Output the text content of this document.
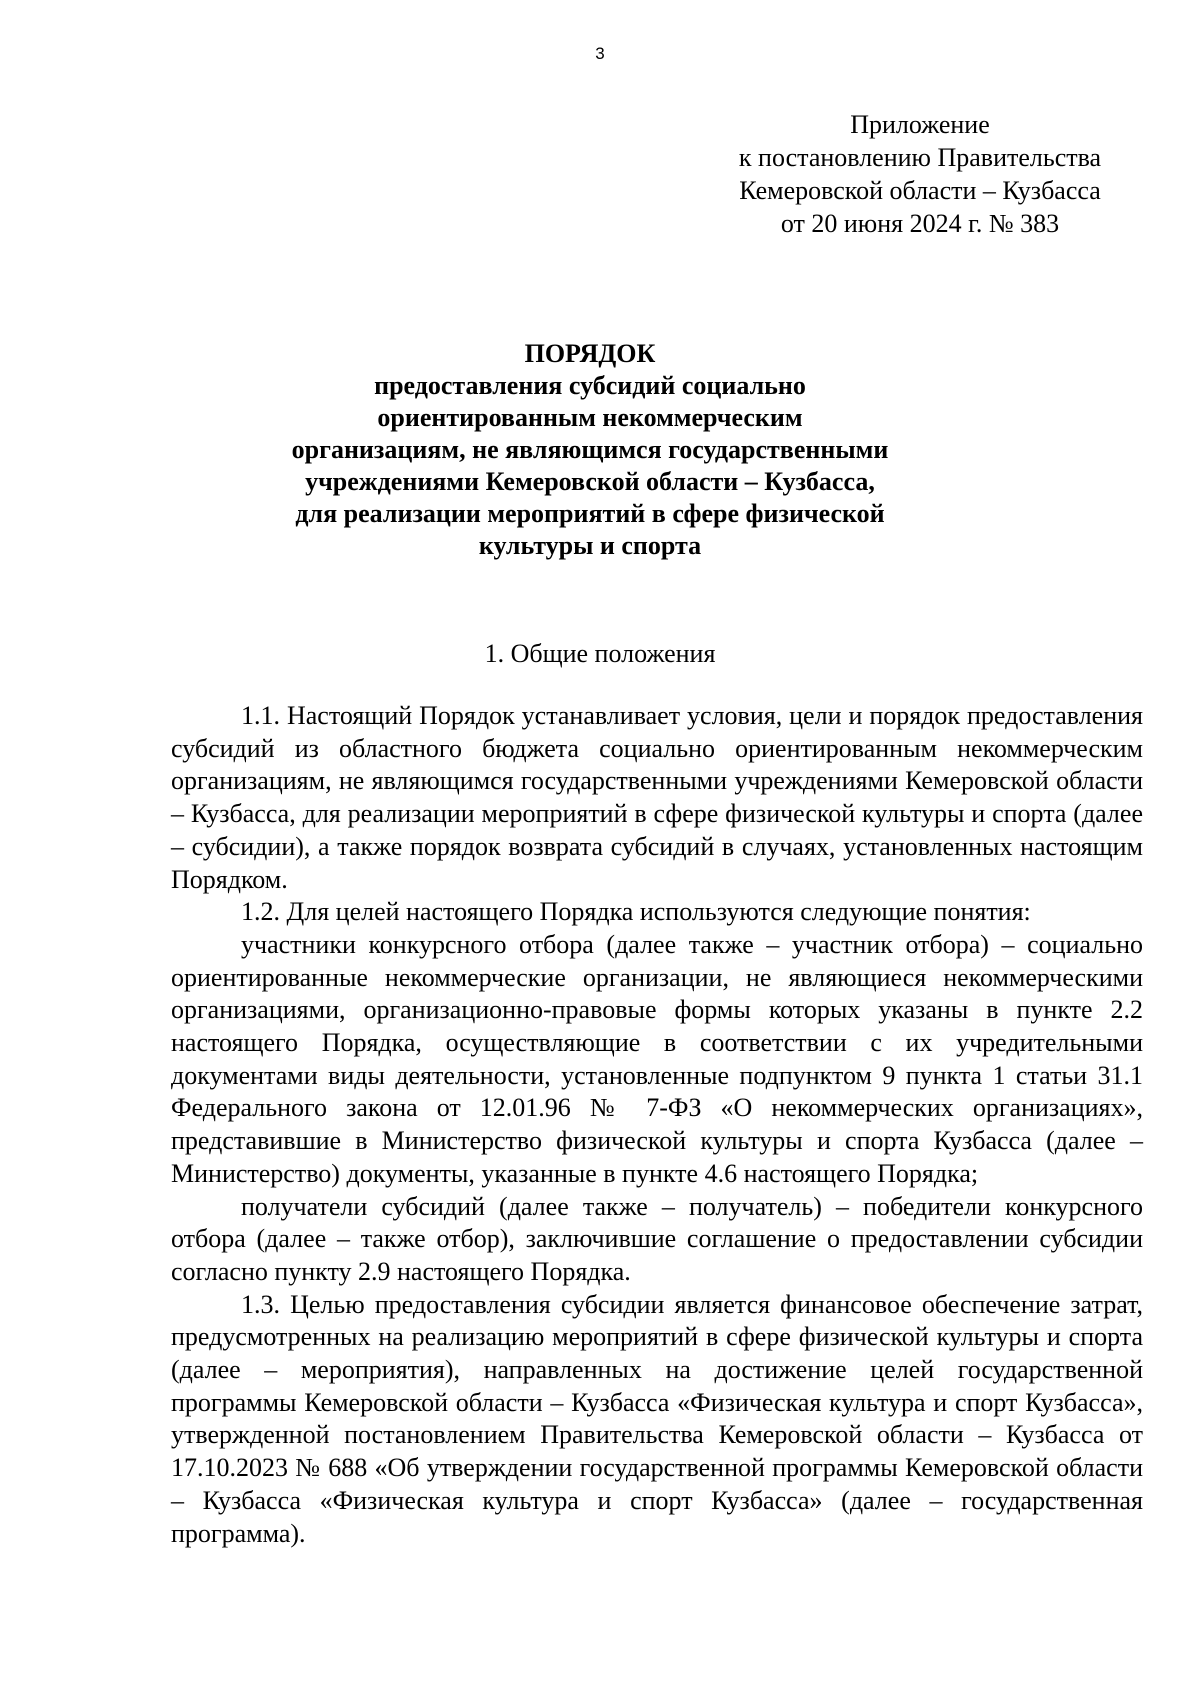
3
Приложение
к постановлению Правительства
Кемеровской области – Кузбасса
от 20 июня 2024 г. № 383
ПОРЯДОК
предоставления субсидий социально
ориентированным некоммерческим
организациям, не являющимся государственными
учреждениями Кемеровской области – Кузбасса,
для реализации мероприятий в сфере физической
культуры и спорта
1. Общие положения

1.1. Настоящий Порядок устанавливает условия, цели и порядок предоставления субсидий из областного бюджета социально ориентированным некоммерческим организациям, не являющимся государственными учреждениями Кемеровской области – Кузбасса, для реализации мероприятий в сфере физической культуры и спорта (далее – субсидии), а также порядок возврата субсидий в случаях, установленных настоящим Порядком.

1.2. Для целей настоящего Порядка используются следующие понятия:

участники конкурсного отбора (далее также – участник отбора) – социально ориентированные некоммерческие организации, не являющиеся некоммерческими организациями, организационно-правовые формы которых указаны в пункте 2.2 настоящего Порядка, осуществляющие в соответствии с их учредительными документами виды деятельности, установленные подпунктом 9 пункта 1 статьи 31.1 Федерального закона от 12.01.96 № 7-ФЗ «О некоммерческих организациях», представившие в Министерство физической культуры и спорта Кузбасса (далее – Министерство) документы, указанные в пункте 4.6 настоящего Порядка;

получатели субсидий (далее также – получатель) – победители конкурсного отбора (далее – также отбор), заключившие соглашение о предоставлении субсидии согласно пункту 2.9 настоящего Порядка.

1.3. Целью предоставления субсидии является финансовое обеспечение затрат, предусмотренных на реализацию мероприятий в сфере физической культуры и спорта (далее – мероприятия), направленных на достижение целей государственной программы Кемеровской области – Кузбасса «Физическая культура и спорт Кузбасса», утвержденной постановлением Правительства Кемеровской области – Кузбасса от 17.10.2023 № 688 «Об утверждении государственной программы Кемеровской области – Кузбасса «Физическая культура и спорт Кузбасса» (далее – государственная программа).
